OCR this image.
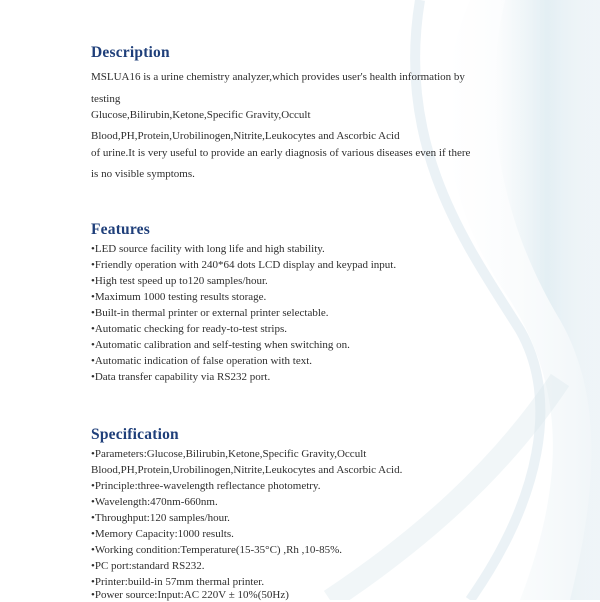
Description
MSLUA16 is a urine chemistry analyzer,which provides user's health information by
testing
Glucose,Bilirubin,Ketone,Specific Gravity,Occult
Blood,PH,Protein,Urobilinogen,Nitrite,Leukocytes and Ascorbic Acid
of urine.It is very useful to provide an early diagnosis of various diseases even if there
is no visible symptoms.
Features
•LED source facility with long life and high stability.
•Friendly operation with 240*64 dots LCD display and keypad input.
•High test speed up to120 samples/hour.
•Maximum 1000 testing results storage.
•Built-in thermal printer or external printer selectable.
•Automatic checking for ready-to-test strips.
•Automatic calibration and self-testing when switching on.
•Automatic indication of false operation with text.
•Data transfer capability via RS232 port.
Specification
•Parameters:Glucose,Bilirubin,Ketone,Specific Gravity,Occult
Blood,PH,Protein,Urobilinogen,Nitrite,Leukocytes and Ascorbic Acid.
•Principle:three-wavelength reflectance photometry.
•Wavelength:470nm-660nm.
•Throughput:120 samples/hour.
•Memory Capacity:1000 results.
•Working condition:Temperature(15-35°C) ,Rh ,10-85%.
•PC port:standard RS232.
•Printer:build-in 57mm thermal printer.
•Power source:Input:AC 220V ± 10%(50Hz)
